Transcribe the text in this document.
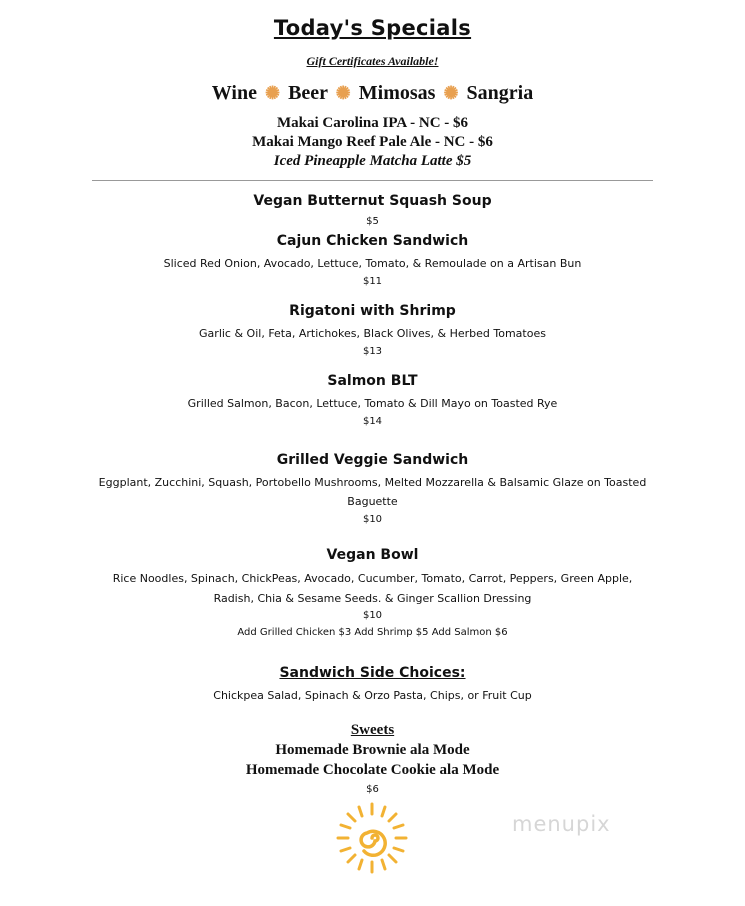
Today's Specials
Gift Certificates Available!
Wine ✺ Beer ✺ Mimosas ✺ Sangria
Makai Carolina IPA - NC - $6
Makai Mango Reef Pale Ale - NC - $6
Iced Pineapple Matcha Latte $5
Vegan Butternut Squash Soup
$5
Cajun Chicken Sandwich
Sliced Red Onion, Avocado, Lettuce, Tomato, & Remoulade on a Artisan Bun
$11
Rigatoni with Shrimp
Garlic & Oil, Feta, Artichokes, Black Olives, & Herbed Tomatoes
$13
Salmon BLT
Grilled Salmon, Bacon, Lettuce, Tomato & Dill Mayo on Toasted Rye
$14
Grilled Veggie Sandwich
Eggplant, Zucchini, Squash, Portobello Mushrooms, Melted Mozzarella & Balsamic Glaze on Toasted
Baguette
$10
Vegan Bowl
Rice Noodles, Spinach, ChickPeas, Avocado, Cucumber, Tomato, Carrot, Peppers, Green Apple,
Radish, Chia & Sesame Seeds. & Ginger Scallion Dressing
$10
Add Grilled Chicken $3 Add Shrimp $5 Add Salmon $6
Sandwich Side Choices:
Chickpea Salad, Spinach & Orzo Pasta, Chips, or Fruit Cup
Sweets
Homemade Brownie ala Mode
Homemade Chocolate Cookie ala Mode
$6
menupix
